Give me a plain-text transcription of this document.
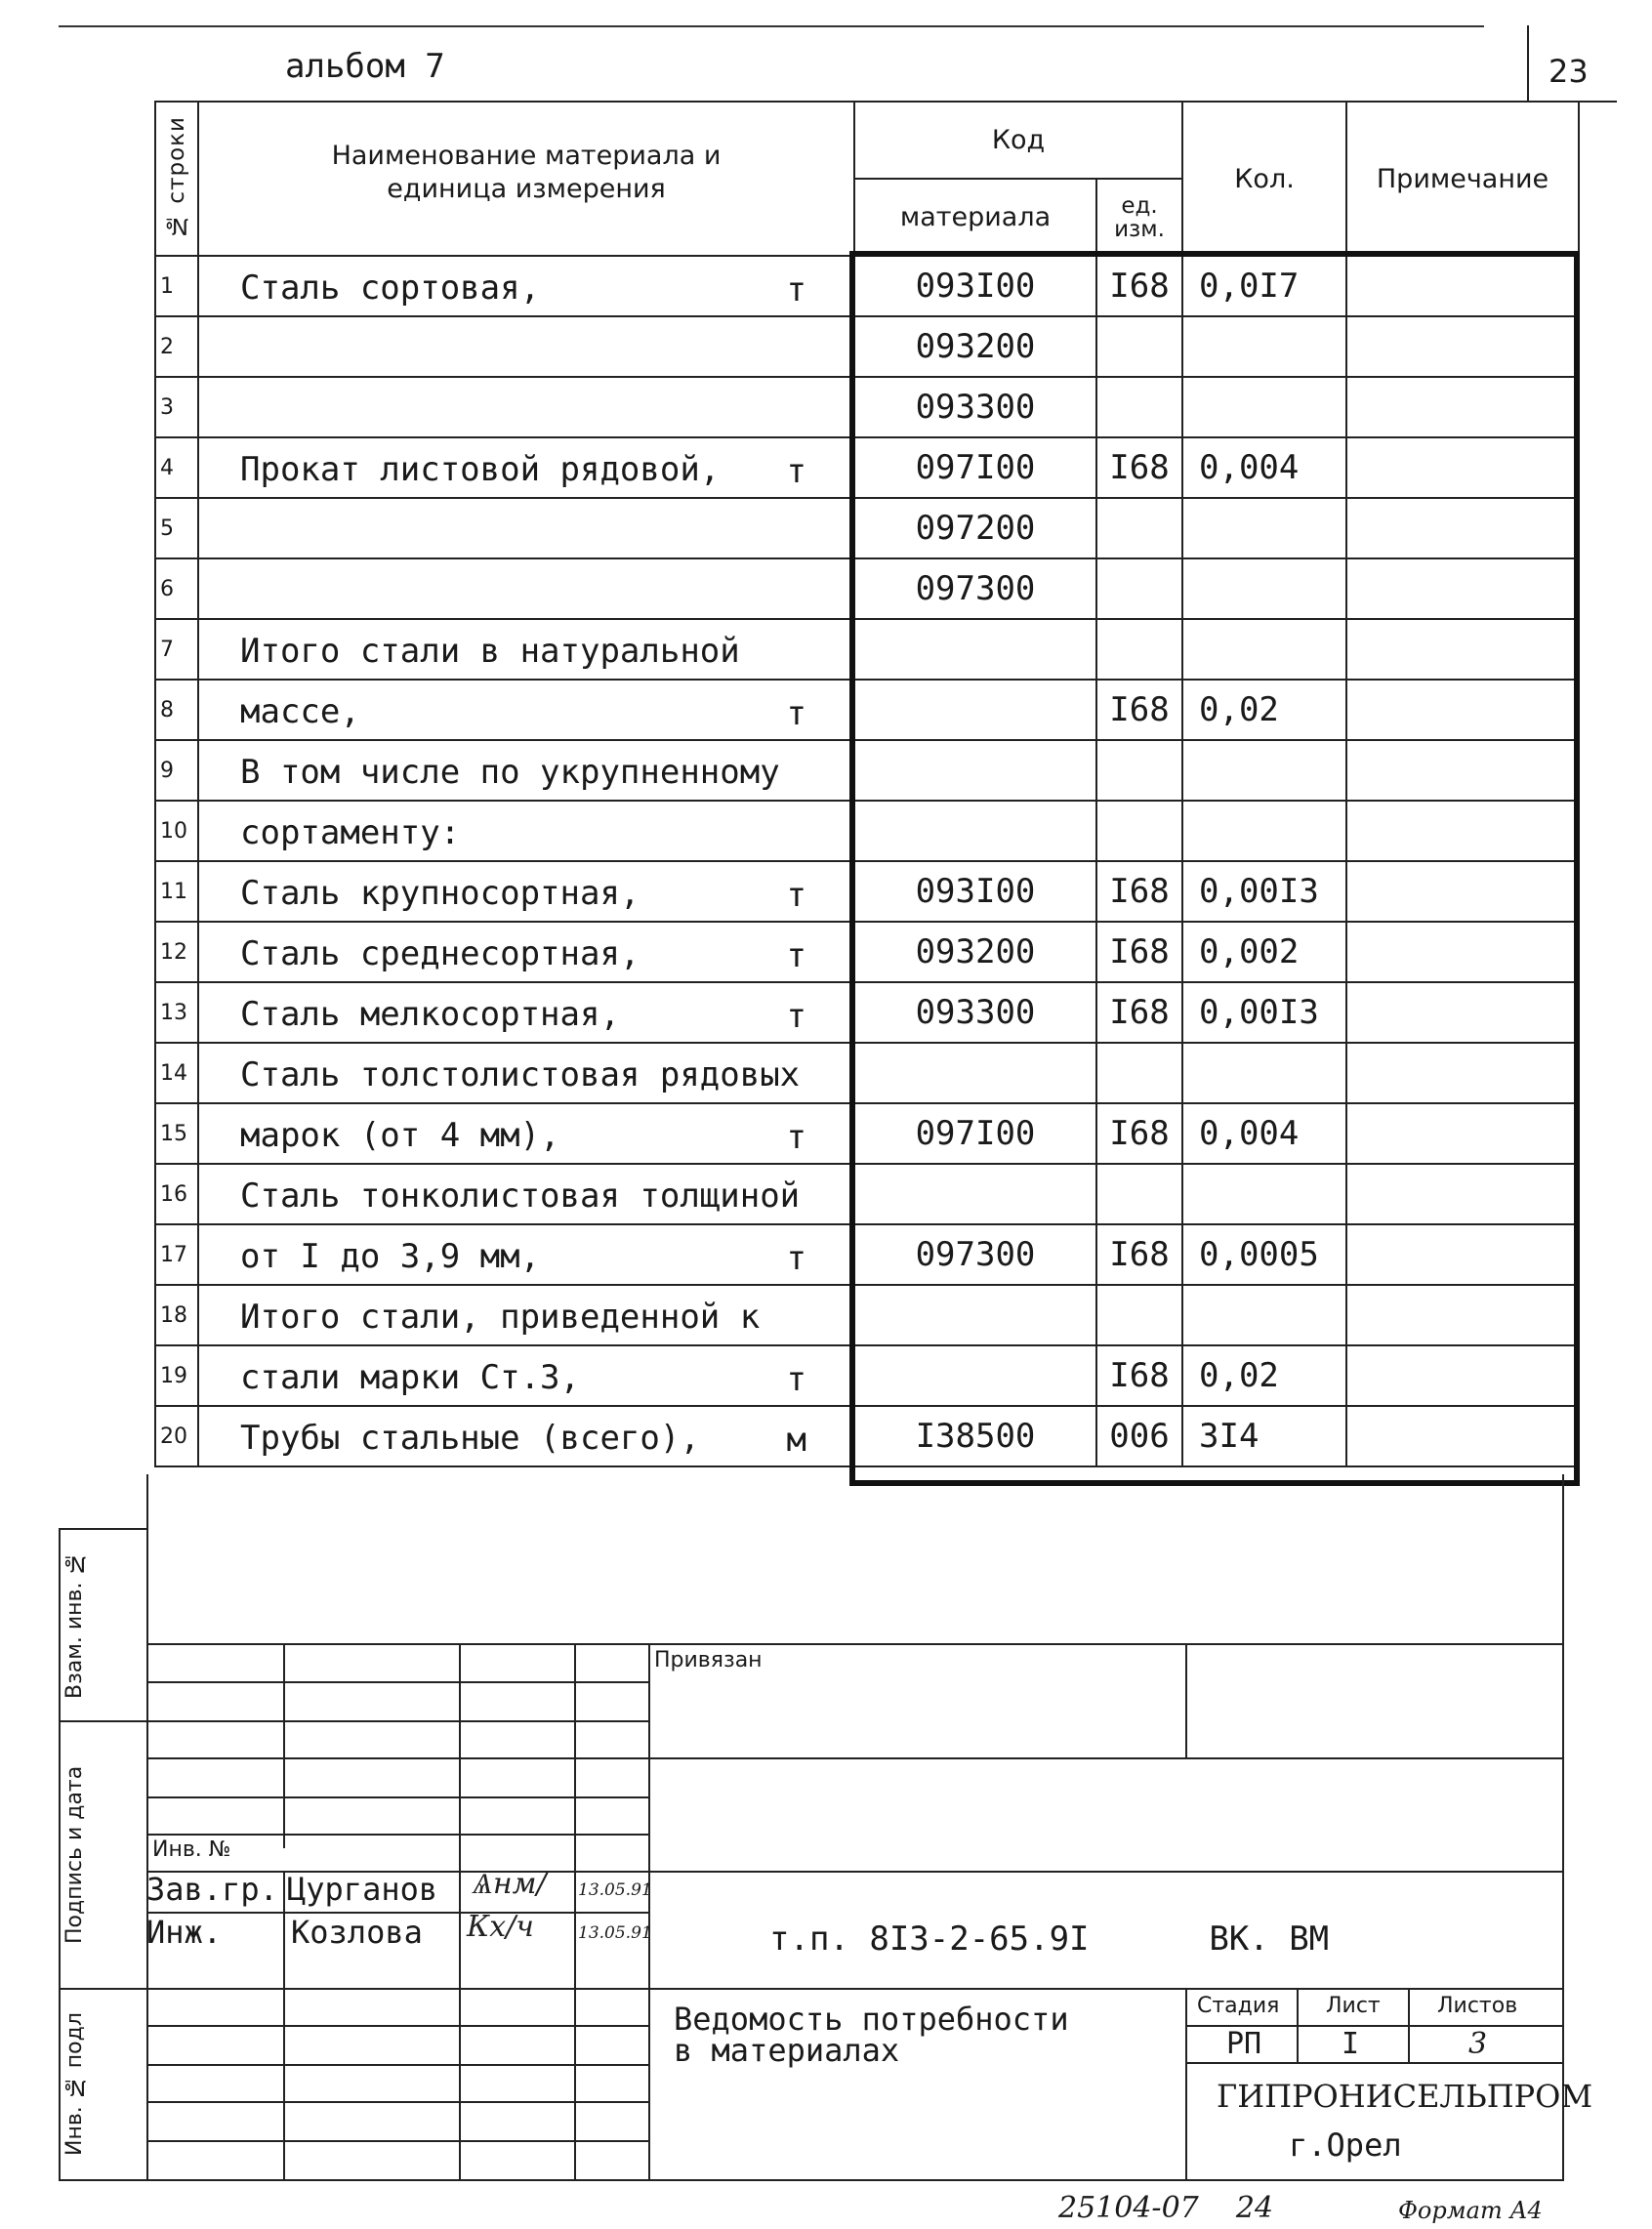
альбом 7	23
№ строки	Наименование материала и
единица измерения	Код		Кол.	Примечание
		материала	ед.
изм.		
1	Сталь сортовая, т	093I00	I68	0,0I7	
2		093200			
3		093300			
4	Прокат листовой рядовой, т	097I00	I68	0,004	
5		097200			
6		097300			
7	Итого стали в натуральной

8	массе, т		I68	0,02	
9	В том числе по укрупненному

10	сортаменту:

11	Сталь крупносортная, т	093I00	I68	0,00I3	
12	Сталь среднесортная, т	093200	I68	0,002	
13	Сталь мелкосортная, т	093300	I68	0,00I3	
14	Сталь толстолистовая рядовых

15	марок (от 4 мм), т	097I00	I68	0,004	
16	Сталь тонколистовая толщиной

17	от I до 3,9 мм, т	097300	I68	0,0005	
18	Итого стали, приведенной к

19	стали марки Ст.3, т		I68	0,02	
20	Трубы стальные (всего), м	I38500	006	3I4	
Взам. инв. №
Подпись и дата
Инв. № подл
Привязан
Инв. №
Зав.гр. Цурганов Ѧнм/ 13.05.91
Инж. Козлова Кх/ч	13.05.91	т.п. 8I3-2-65.9I      ВК. ВМ
Ведомость потребности
в материалах
Стадия Лист	Листов
РП	I	3
ГИПРОНИСЕЛЬПРОМ
г.Орел
25104-07    24	Формат А4
